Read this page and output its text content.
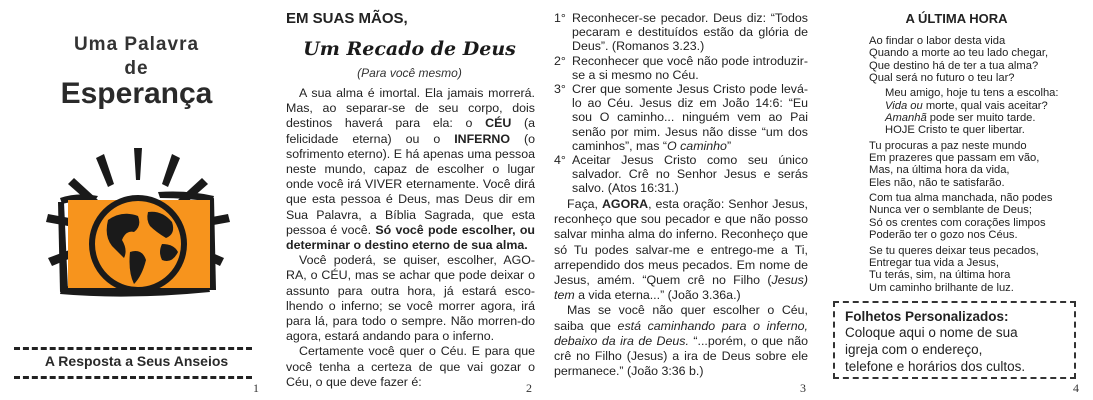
Uma Palavra
de
Esperança
A Resposta a Seus Anseios
1
EM SUAS MÃOS,
Um Recado de Deus
(Para você mesmo)

A sua alma é imortal. Ela jamais morrerá. Mas, ao separar-se de seu corpo, dois destinos haverá para ela: o CÉU (a felicidade eterna) ou o INFERNO (o sofrimento eterno). E há apenas uma pessoa neste mundo, capaz de escolher o lugar onde você irá VIVER eternamente. Você dirá que esta pessoa é Deus, mas Deus dir em Sua Palavra, a Bíblia Sagrada, que esta pessoa é você. Só você pode escolher, ou determinar o destino eterno de sua alma.

Você poderá, se quiser, escolher, AGO-RA, o CÉU, mas se achar que pode deixar o assunto para outra hora, já estará esco-lhendo o inferno; se você morrer agora, irá para lá, para todo o sempre. Não morren-do agora, estará andando para o inferno.

Certamente você quer o Céu. E para que você tenha a certeza de que vai gozar o Céu, o que deve fazer é:	2
1° Reconhecer-se pecador. Deus diz: “Todos pecaram e destituídos estão da glória de Deus”. (Romanos 3.23.)
2° Reconhecer que você não pode introduzir-se a si mesmo no Céu.
3° Crer que somente Jesus Cristo pode levá-lo ao Céu. Jesus diz em João 14:6: “Eu sou O caminho... ninguém vem ao Pai senão por mim. Jesus não disse “um dos caminhos”, mas “O caminho”
4° Aceitar Jesus Cristo como seu único salvador. Crê no Senhor Jesus e serás salvo. (Atos 16:31.)

Faça, AGORA, esta oração: Senhor Jesus, reconheço que sou pecador e que não posso salvar minha alma do inferno. Reconheço que só Tu podes salvar-me e entrego-me a Ti, arrependido dos meus pecados. Em nome de Jesus, amém. “Quem crê no Filho (Jesus) tem a vida eterna...” (João 3.36a.)

Mas se você não quer escolher o Céu, saiba que está caminhando para o inferno, debaixo da ira de Deus. “...porém, o que não crê no Filho (Jesus) a ira de Deus sobre ele permanece.” (João 3:36 b.)

3
A ÚLTIMA HORA
Ao findar o labor desta vida
Quando a morte ao teu lado chegar,
Que destino há de ter a tua alma?
Qual será no futuro o teu lar?
Meu amigo, hoje tu tens a escolha:
Vida ou morte, qual vais aceitar?
Amanhã pode ser muito tarde.
HOJE Cristo te quer libertar.
Tu procuras a paz neste mundo
Em prazeres que passam em vão,
Mas, na última hora da vida,
Eles não, não te satisfarão.
Com tua alma manchada, não podes
Nunca ver o semblante de Deus;
Só os crentes com corações limpos
Poderão ter o gozo nos Céus.
Se tu queres deixar teus pecados,
Entregar tua vida a Jesus,
Tu terás, sim, na última hora
Um caminho brilhante de luz.
Folhetos Personalizados:
Coloque aqui o nome de sua
igreja com o endereço,
telefone e horários dos cultos.
4
